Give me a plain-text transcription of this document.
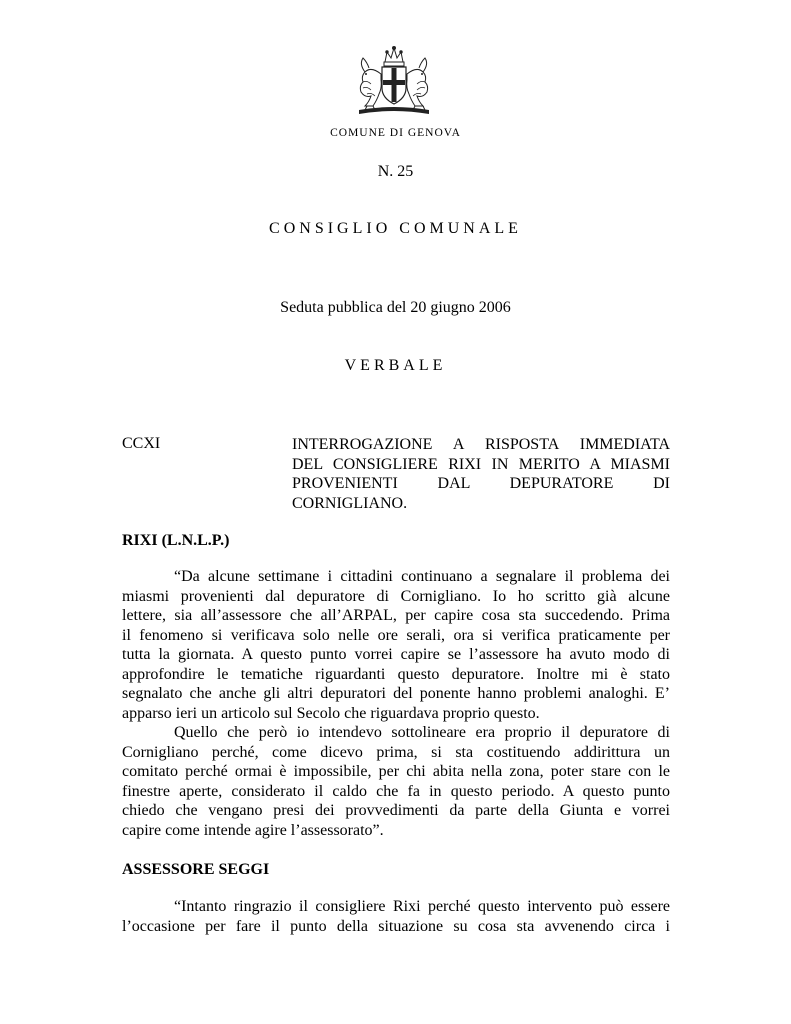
COMUNE DI GENOVA
N. 25
CONSIGLIO COMUNALE
Seduta pubblica del 20 giugno 2006
VERBALE
CCXI	INTERROGAZIONE A RISPOSTA IMMEDIATA
DEL CONSIGLIERE RIXI IN MERITO A MIASMI
PROVENIENTI DAL DEPURATORE DI
CORNIGLIANO.
RIXI (L.N.L.P.)
“Da alcune settimane i cittadini continuano a segnalare il problema dei
miasmi provenienti dal depuratore di Cornigliano. Io ho scritto già alcune
lettere, sia all’assessore che all’ARPAL, per capire cosa sta succedendo. Prima
il fenomeno si verificava solo nelle ore serali, ora si verifica praticamente per
tutta la giornata. A questo punto vorrei capire se l’assessore ha avuto modo di
approfondire le tematiche riguardanti questo depuratore. Inoltre mi è stato
segnalato che anche gli altri depuratori del ponente hanno problemi analoghi. E’
apparso ieri un articolo sul Secolo che riguardava proprio questo.
Quello che però io intendevo sottolineare era proprio il depuratore di
Cornigliano perché, come dicevo prima, si sta costituendo addirittura un
comitato perché ormai è impossibile, per chi abita nella zona, poter stare con le
finestre aperte, considerato il caldo che fa in questo periodo. A questo punto
chiedo che vengano presi dei provvedimenti da parte della Giunta e vorrei
capire come intende agire l’assessorato”.
ASSESSORE SEGGI
“Intanto ringrazio il consigliere Rixi perché questo intervento può essere
l’occasione per fare il punto della situazione su cosa sta avvenendo circa i
